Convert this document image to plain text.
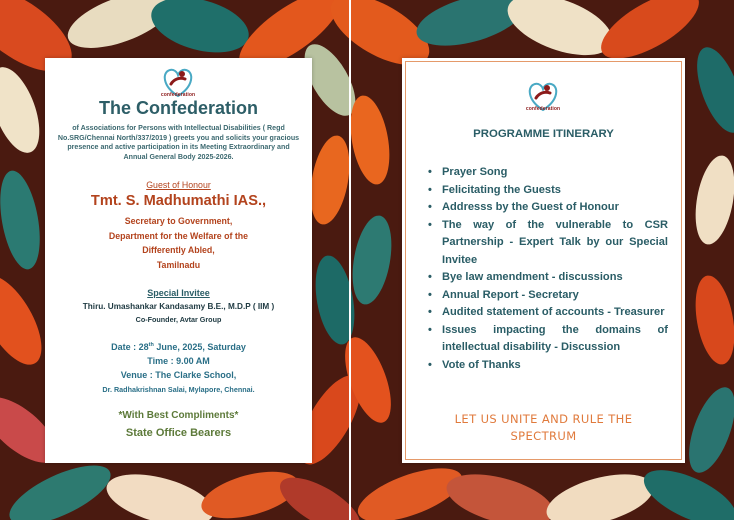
confederation
The Confederation
of Associations for Persons with Intellectual Disabilities ( Regd No.SRG/Chennai North/337/2019 ) greets you and solicits your gracious presence and active participation in its Meeting Extraordinary and Annual General Body 2025-2026.
Guest of Honour
Tmt. S. Madhumathi IAS.,
Secretary to Government,
Department for the Welfare of the
Differently Abled,
Tamilnadu
Special Invitee
Thiru. Umashankar Kandasamy B.E., M.D.P ( IIM )
Co-Founder, Avtar Group
Date : 28th June, 2025, Saturday
Time : 9.00 AM
Venue : The Clarke School,
Dr. Radhakrishnan Salai, Mylapore, Chennai.
*With Best Compliments*
State Office Bearers
confederation
PROGRAMME ITINERARY
• Prayer Song
• Felicitating the Guests
• Addresss by the Guest of Honour
• The way of the vulnerable to CSR Partnership - Expert Talk by our Special Invitee
• Bye law amendment - discussions
• Annual Report - Secretary
• Audited statement of accounts - Treasurer
• Issues impacting the domains of intellectual disability - Discussion
• Vote of Thanks
LET US UNITE AND RULE THE
SPECTRUM
